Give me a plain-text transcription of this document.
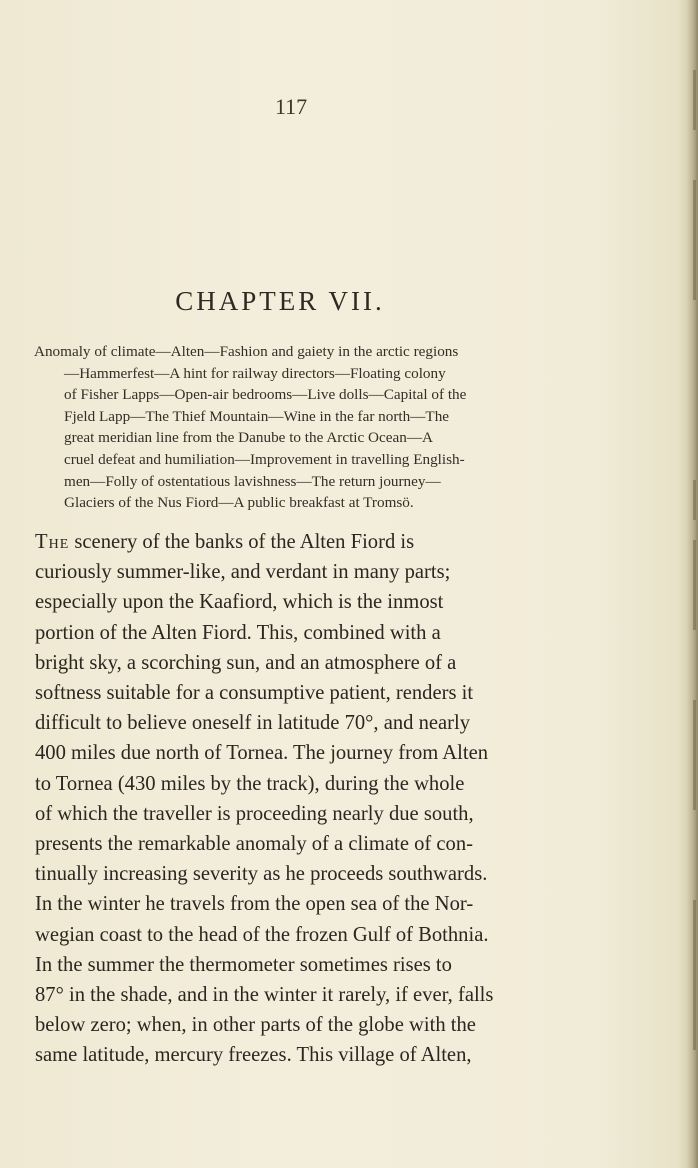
117
CHAPTER VII.
Anomaly of climate—Alten—Fashion and gaiety in the arctic regions
—Hammerfest—A hint for railway directors—Floating colony
of Fisher Lapps—Open-air bedrooms—Live dolls—Capital of the
Fjeld Lapp—The Thief Mountain—Wine in the far north—The
great meridian line from the Danube to the Arctic Ocean—A
cruel defeat and humiliation—Improvement in travelling English-
men—Folly of ostentatious lavishness—The return journey—
Glaciers of the Nus Fiord—A public breakfast at Tromsö.
The scenery of the banks of the Alten Fiord is
curiously summer-like, and verdant in many parts;
especially upon the Kaafiord, which is the inmost
portion of the Alten Fiord. This, combined with a
bright sky, a scorching sun, and an atmosphere of a
softness suitable for a consumptive patient, renders it
difficult to believe oneself in latitude 70°, and nearly
400 miles due north of Tornea. The journey from Alten
to Tornea (430 miles by the track), during the whole
of which the traveller is proceeding nearly due south,
presents the remarkable anomaly of a climate of con-
tinually increasing severity as he proceeds southwards.
In the winter he travels from the open sea of the Nor-
wegian coast to the head of the frozen Gulf of Bothnia.
In the summer the thermometer sometimes rises to
87° in the shade, and in the winter it rarely, if ever, falls
below zero; when, in other parts of the globe with the
same latitude, mercury freezes. This village of Alten,
